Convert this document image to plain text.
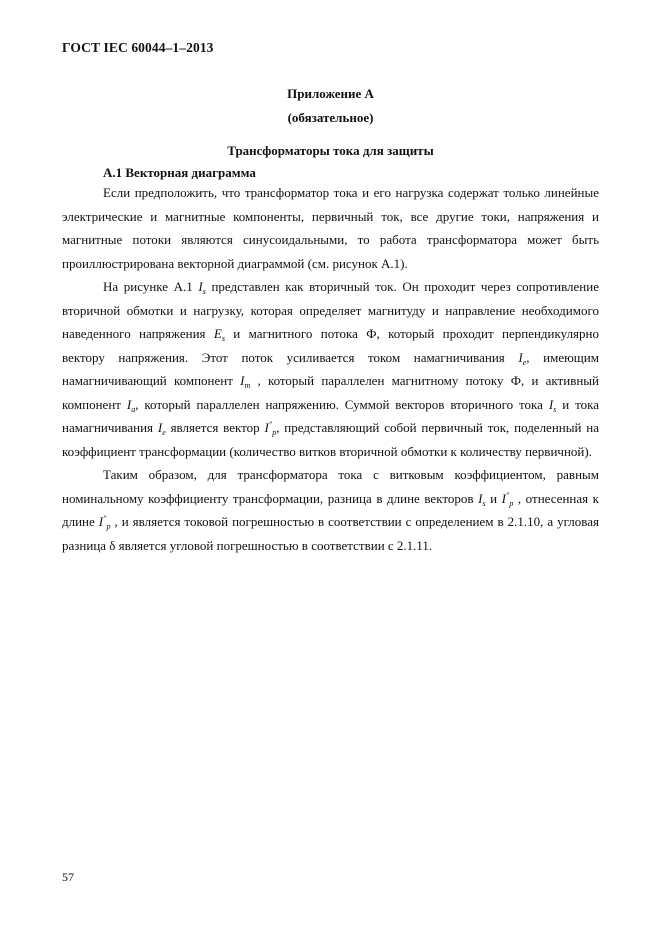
ГОСТ IEC 60044–1–2013
Приложение А
(обязательное)
Трансформаторы тока для защиты
А.1 Векторная диаграмма

Если предположить, что трансформатор тока и его нагрузка содержат только линейные электрические и магнитные компоненты, первичный ток, все другие токи, напряжения и магнитные потоки являются синусоидальными, то работа трансформатора может быть проиллюстрирована векторной диаграммой (см. рисунок А.1).

На рисунке А.1 $I_s$ представлен как вторичный ток. Он проходит через сопротивление вторичной обмотки и нагрузку, которая определяет магнитуду и направление необходимого наведенного напряжения $E_s$ и магнитного потока Ф, который проходит перпендикулярно вектору напряжения. Этот поток усиливается током намагничивания $I_e$, имеющим намагничивающий компонент $I_m$ , который параллелен магнитному потоку Ф, и активный компонент $I_a$, который параллелен напряжению. Суммой векторов вторичного тока $I_s$ и тока намагничивания $I_e$ является вектор $I^"_p$, представляющий собой первичный ток, поделенный на коэффициент трансформации (количество витков вторичной обмотки к количеству первичной).

Таким образом, для трансформатора тока с витковым коэффициентом, равным номинальному коэффициенту трансформации, разница в длине векторов $I_s$ и $I^"_p$ , отнесенная к длине $I^"_p$ , и является токовой погрешностью в соответствии с определением в 2.1.10, а угловая разница δ является угловой погрешностью в соответствии с 2.1.11.

57
